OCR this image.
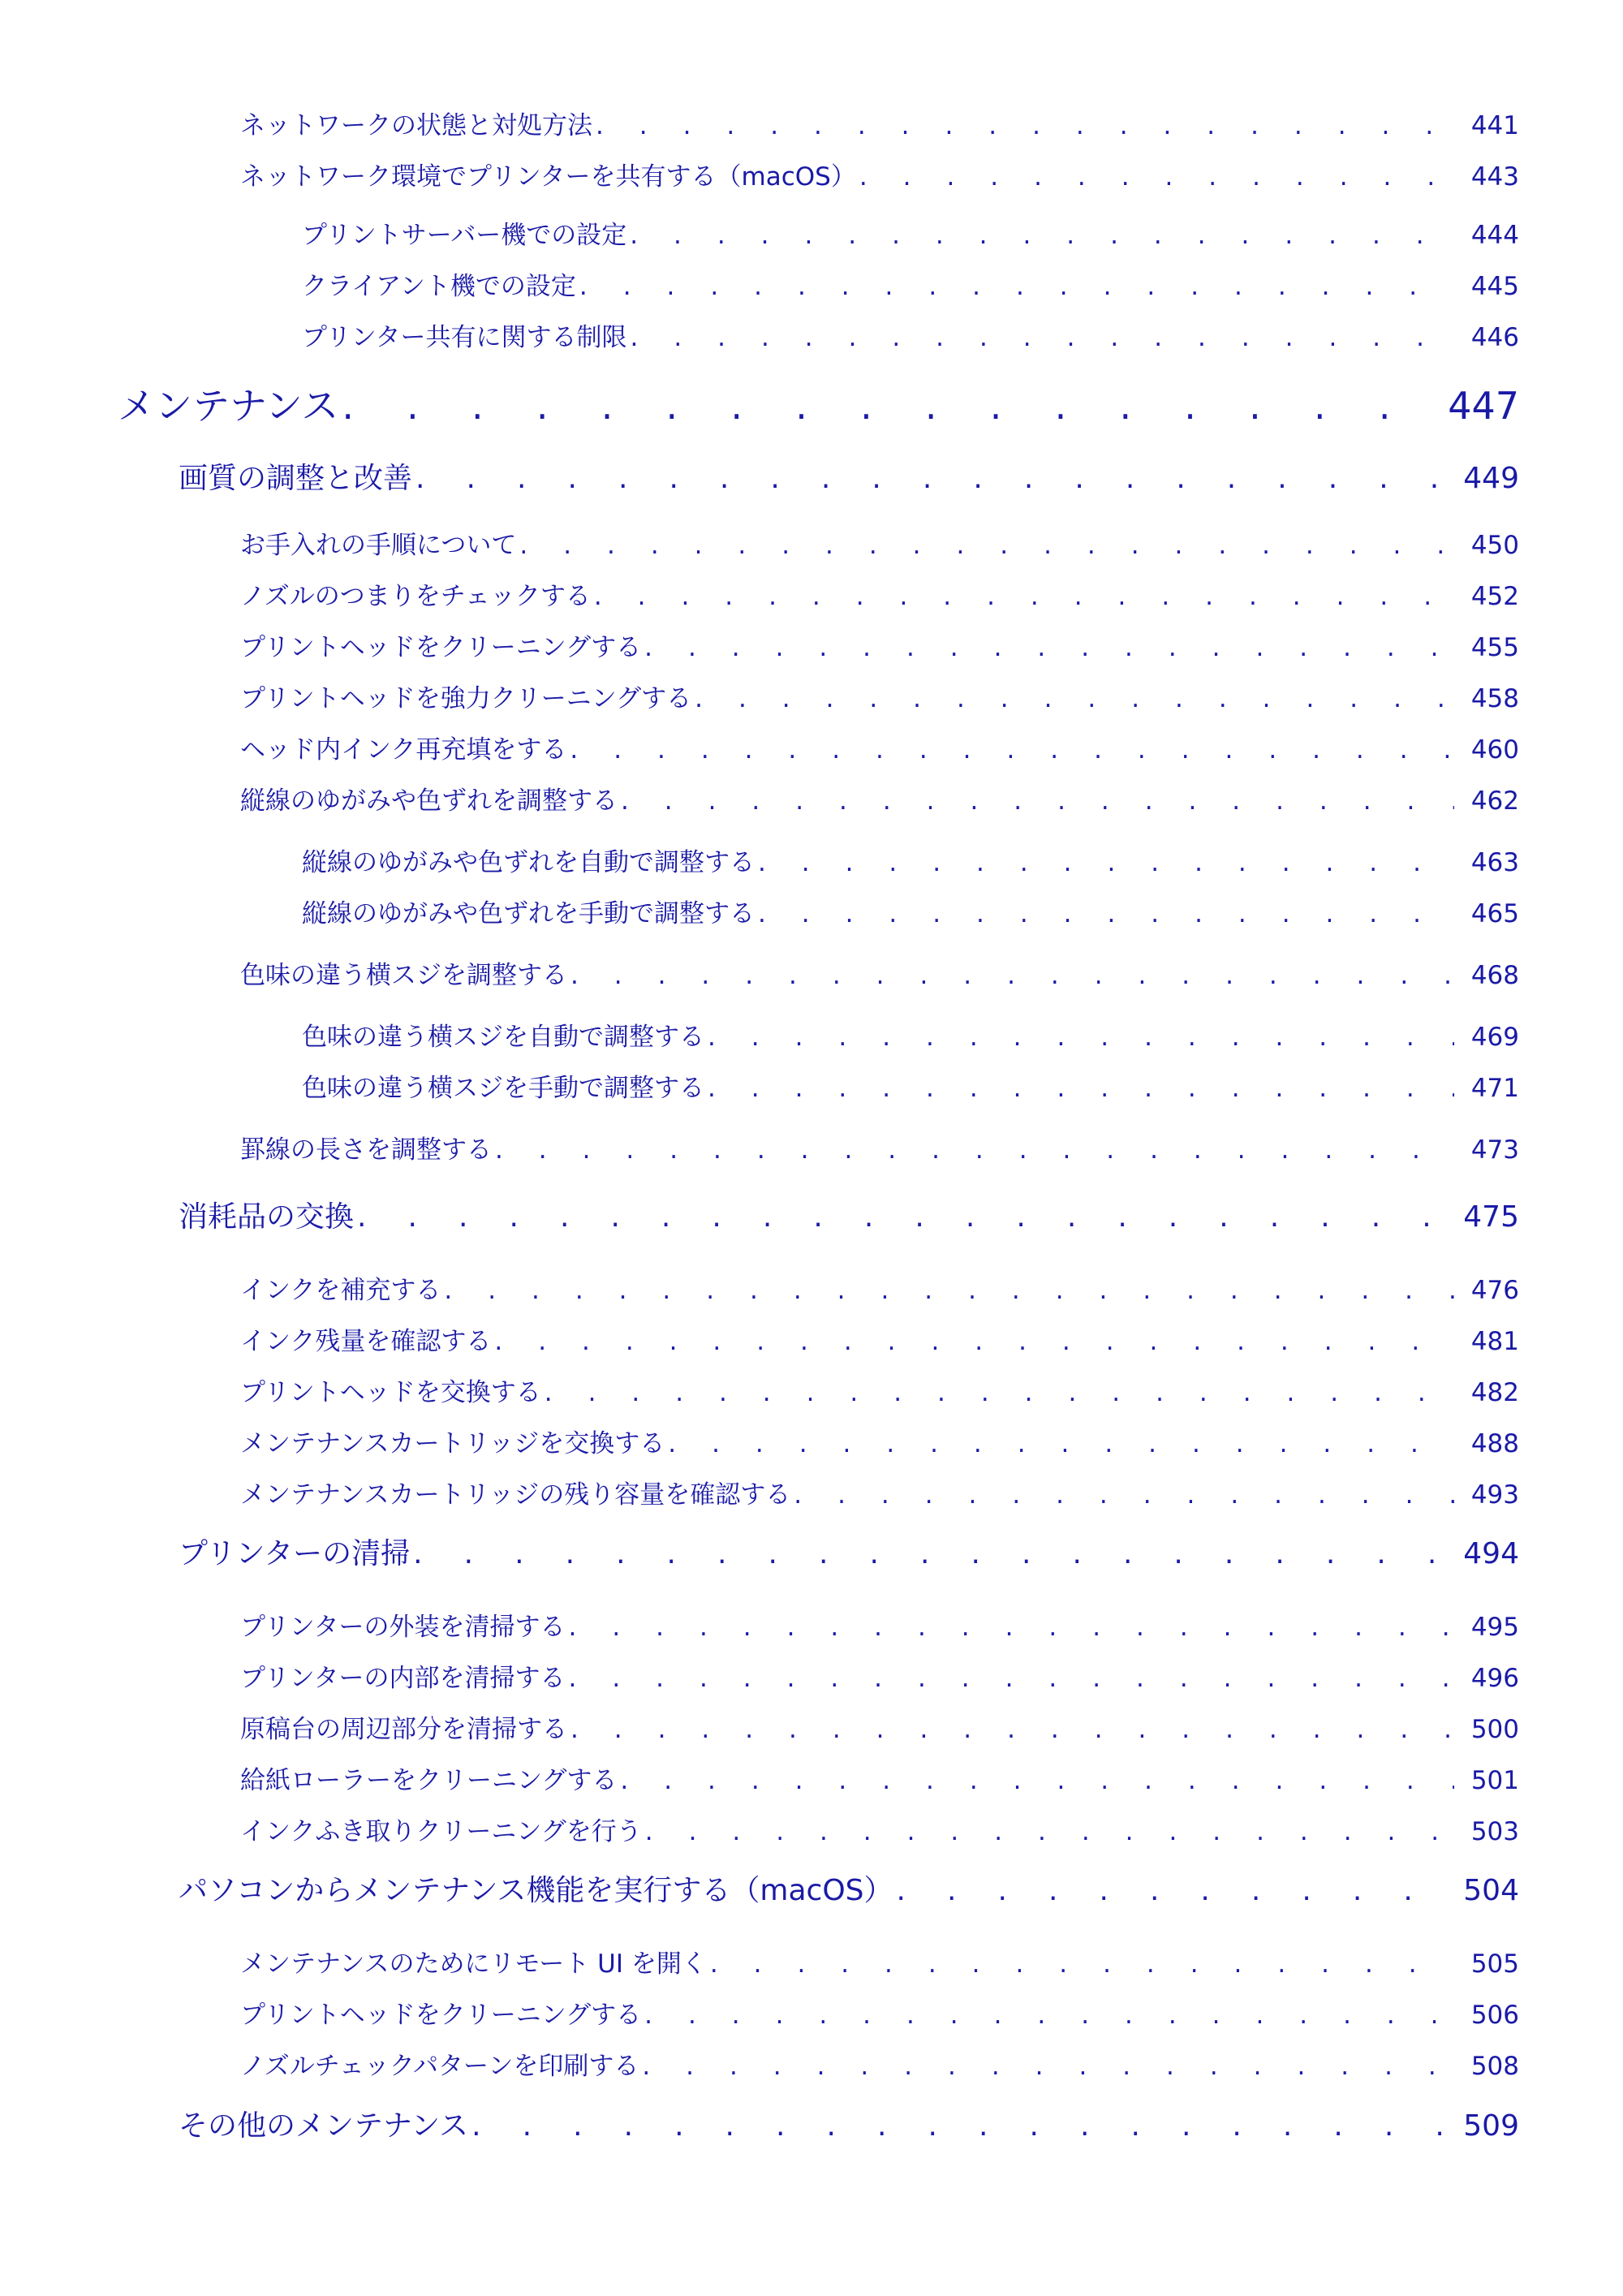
ネットワークの状態と対処方法 . . .	441
ネットワーク環境でプリンターを共有する（macOS） . . .	443
プリントサーバー機での設定 . . .	444
クライアント機での設定 . . .	445
プリンター共有に関する制限 . . .	446
メンテナンス . . .	447
画質の調整と改善 . . .	449
お手入れの手順について . . .	450
ノズルのつまりをチェックする . . .	452
プリントヘッドをクリーニングする . . .	455
プリントヘッドを強力クリーニングする . . .	458
ヘッド内インク再充填をする . . .	460
縦線のゆがみや色ずれを調整する . . .	462
縦線のゆがみや色ずれを自動で調整する . . .	463
縦線のゆがみや色ずれを手動で調整する . . .	465
色味の違う横スジを調整する . . .	468
色味の違う横スジを自動で調整する . . .	469
色味の違う横スジを手動で調整する . . .	471
罫線の長さを調整する . . .	473
消耗品の交換 . . .	475
インクを補充する . . .	476
インク残量を確認する . . .	481
プリントヘッドを交換する . . .	482
メンテナンスカートリッジを交換する . . .	488
メンテナンスカートリッジの残り容量を確認する . . .	493
プリンターの清掃 . . .	494
プリンターの外装を清掃する . . .	495
プリンターの内部を清掃する . . .	496
原稿台の周辺部分を清掃する . . .	500
給紙ローラーをクリーニングする . . .	501
インクふき取りクリーニングを行う . . .	503
パソコンからメンテナンス機能を実行する（macOS） . . .	504
メンテナンスのためにリモート UI を開く . . .	505
プリントヘッドをクリーニングする . . .	506
ノズルチェックパターンを印刷する . . .	508
その他のメンテナンス . . .	509
